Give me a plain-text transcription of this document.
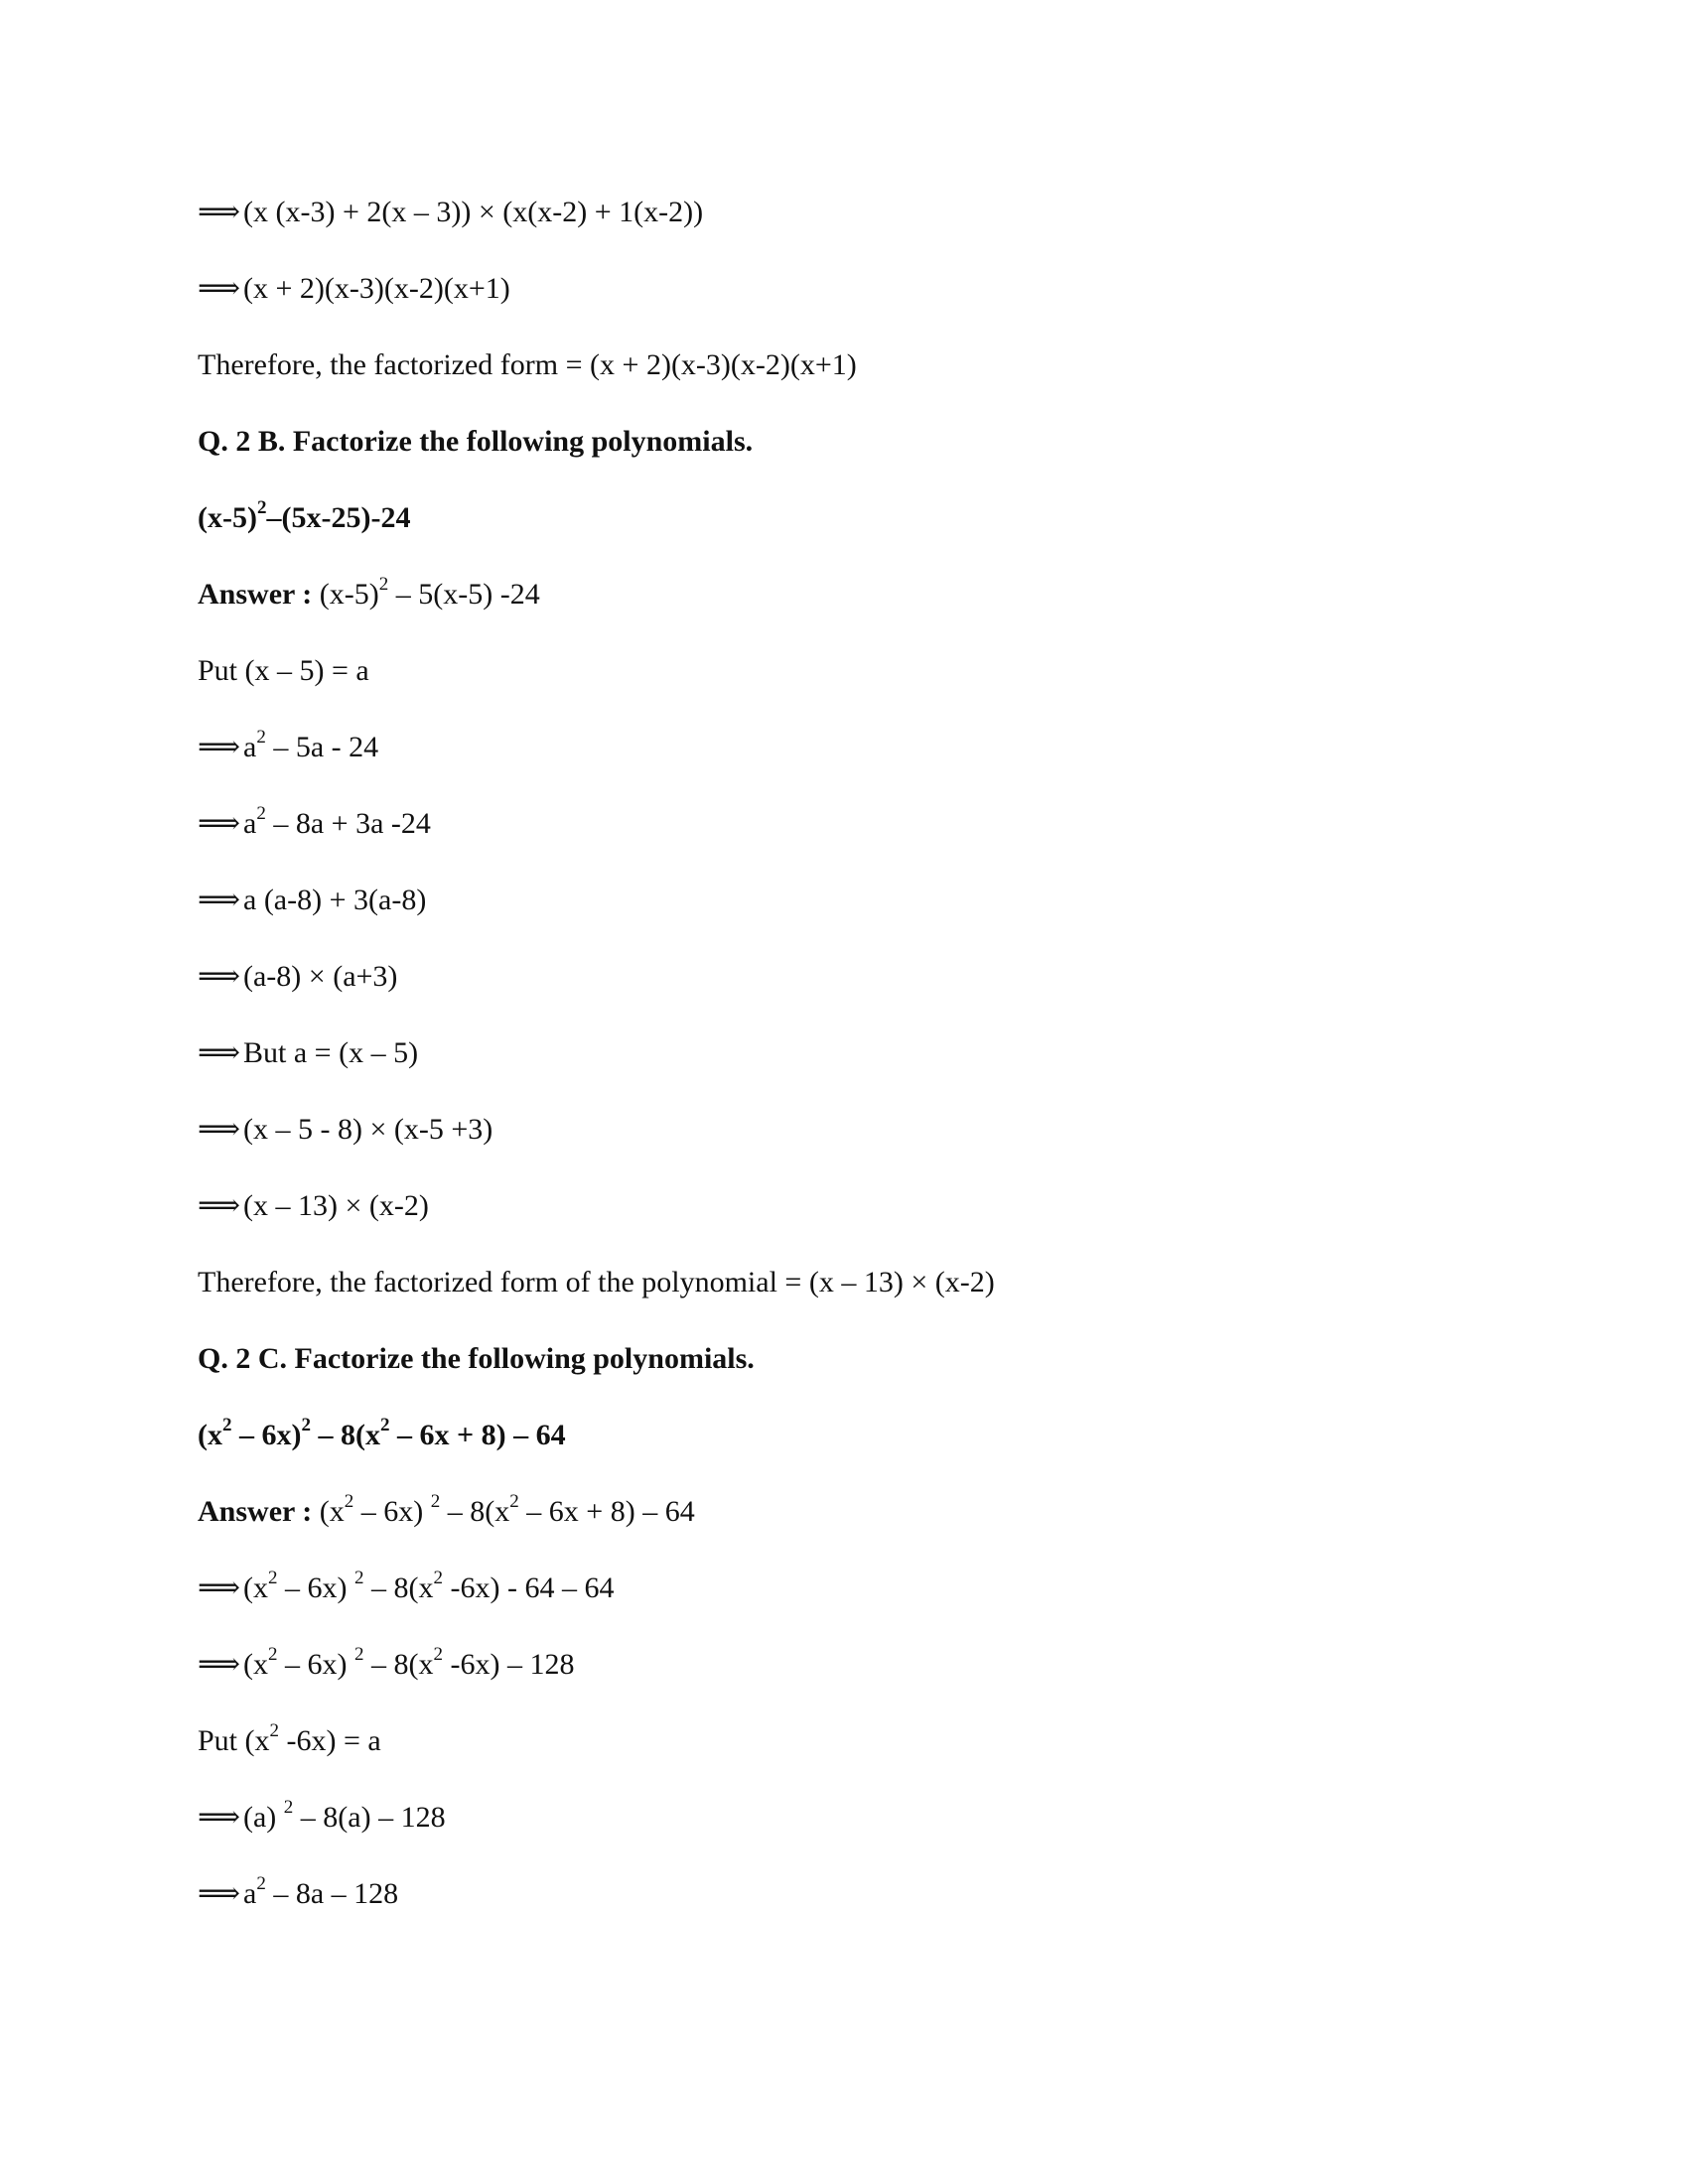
⟹(x (x-3) + 2(x – 3)) × (x(x-2) + 1(x-2))
⟹(x + 2)(x-3)(x-2)(x+1)
Therefore, the factorized form = (x + 2)(x-3)(x-2)(x+1)
Q. 2 B. Factorize the following polynomials.
$(x-5)^2-(5x-25)-24$
Answer : $(x-5)^2 - 5(x-5)$ -24
Put (x – 5) = a
$⟹a^2 - 5a - 24$
$⟹a^2 - 8a + 3a$ -24
⟹a (a-8) + 3(a-8)
⟹(a-8) × (a+3)
⟹But a = (x – 5)
⟹(x – 5 - 8) × (x-5 +3)
⟹(x – 13) × (x-2)
Therefore, the factorized form of the polynomial = (x – 13) × (x-2)
Q. 2 C. Factorize the following polynomials.
$(x^2 - 6x)^2 - 8(x^2 - 6x + 8) - 64$
Answer : $(x^2 - 6x)$ $^2 - 8(x^2 - 6x + 8) - 64$
$⟹(x^2 - 6x)$ $^2 - 8(x^2$ -6x) - 64 – 64
$⟹(x^2 - 6x)$ $^2 - 8(x^2$ -6x) – 128
Put ($x^2$ -6x) = a
⟹(a) $^2$ – 8(a) – 128
$⟹a^2 - 8a - 128$
